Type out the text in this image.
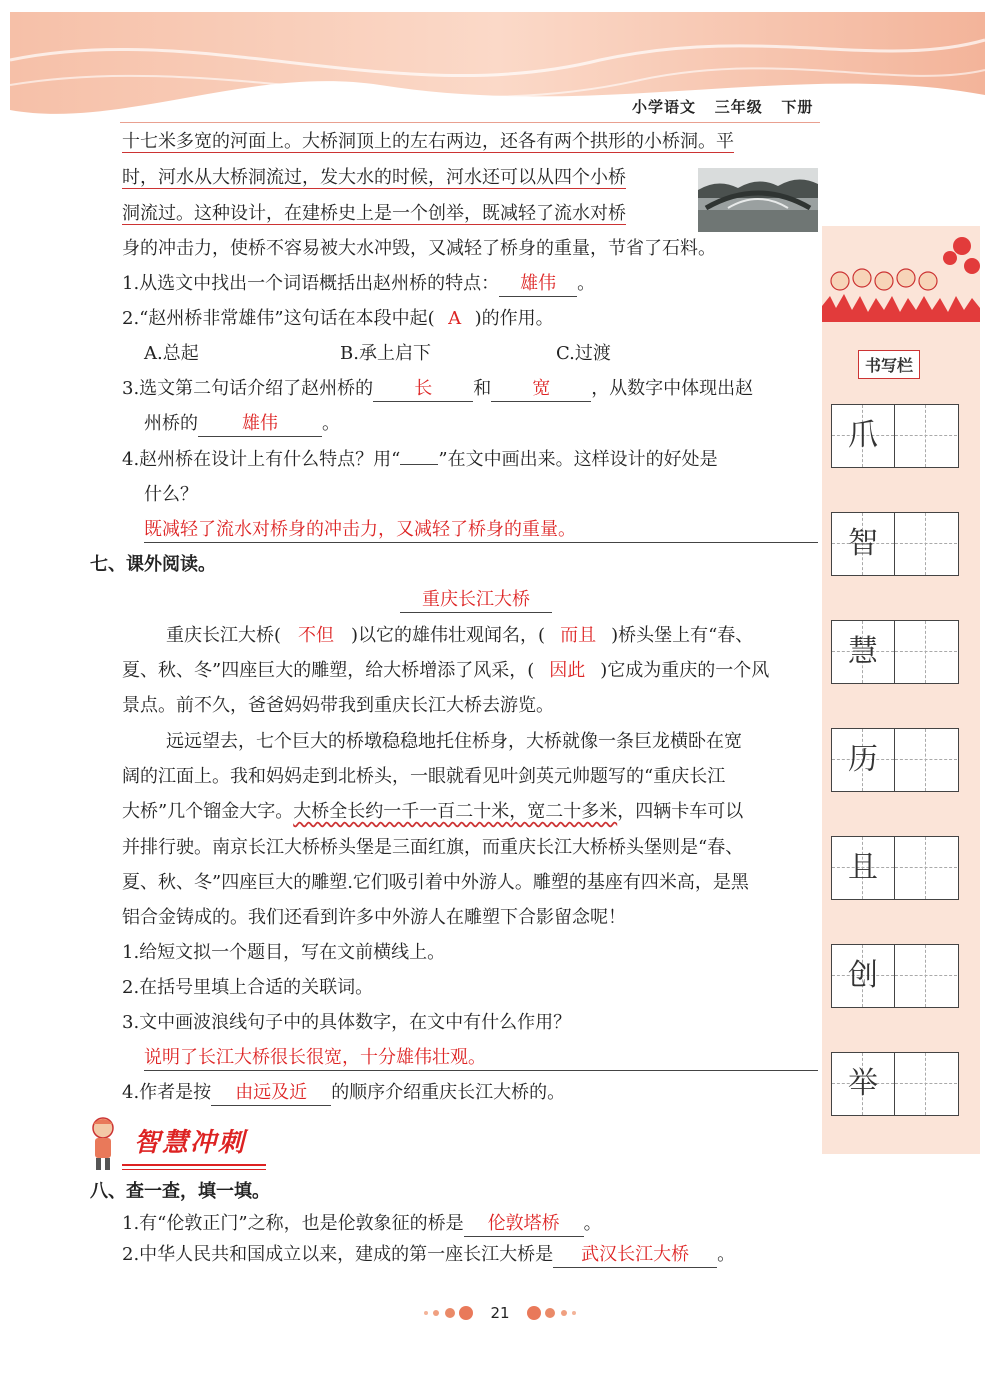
小学语文 三年级 下册
书写栏
爪
智
慧
历
且
创
举
十七米多宽的河面上。大桥洞顶上的左右两边，还各有两个拱形的小桥洞。平
时，河水从大桥洞流过，发大水的时候，河水还可以从四个小桥
洞流过。这种设计，在建桥史上是一个创举，既减轻了流水对桥
身的冲击力，使桥不容易被大水冲毁，又减轻了桥身的重量，节省了石料。
1.从选文中找出一个词语概括出赵州桥的特点： 雄伟 。
2.“赵州桥非常雄伟”这句话在本段中起( A )的作用。
A.总起	B.承上启下	C.过渡
3.选文第二句话介绍了赵州桥的 长 和 宽 ，从数字中体现出赵
州桥的 雄伟 。
4.赵州桥在设计上有什么特点？用“ ”在文中画出来。这样设计的好处是
什么？
既减轻了流水对桥身的冲击力，又减轻了桥身的重量。
七、课外阅读。
重庆长江大桥
重庆长江大桥( 不但 )以它的雄伟壮观闻名，( 而且 )桥头堡上有“春、
夏、秋、冬”四座巨大的雕塑，给大桥增添了风采，( 因此 )它成为重庆的一个风
景点。前不久，爸爸妈妈带我到重庆长江大桥去游览。
远远望去，七个巨大的桥墩稳稳地托住桥身，大桥就像一条巨龙横卧在宽
阔的江面上。我和妈妈走到北桥头，一眼就看见叶剑英元帅题写的“重庆长江
大桥”几个镏金大字。大桥全长约一千一百二十米，宽二十多米，四辆卡车可以
并排行驶。南京长江大桥桥头堡是三面红旗，而重庆长江大桥桥头堡则是“春、
夏、秋、冬”四座巨大的雕塑.它们吸引着中外游人。雕塑的基座有四米高，是黑
铝合金铸成的。我们还看到许多中外游人在雕塑下合影留念呢！
1.给短文拟一个题目，写在文前横线上。
2.在括号里填上合适的关联词。
3.文中画波浪线句子中的具体数字，在文中有什么作用？
说明了长江大桥很长很宽，十分雄伟壮观。
4.作者是按 由远及近 的顺序介绍重庆长江大桥的。
智慧冲刺
八、查一查，填一填。
1.有“伦敦正门”之称，也是伦敦象征的桥是 伦敦塔桥 。
2.中华人民共和国成立以来，建成的第一座长江大桥是 武汉长江大桥 。
21
